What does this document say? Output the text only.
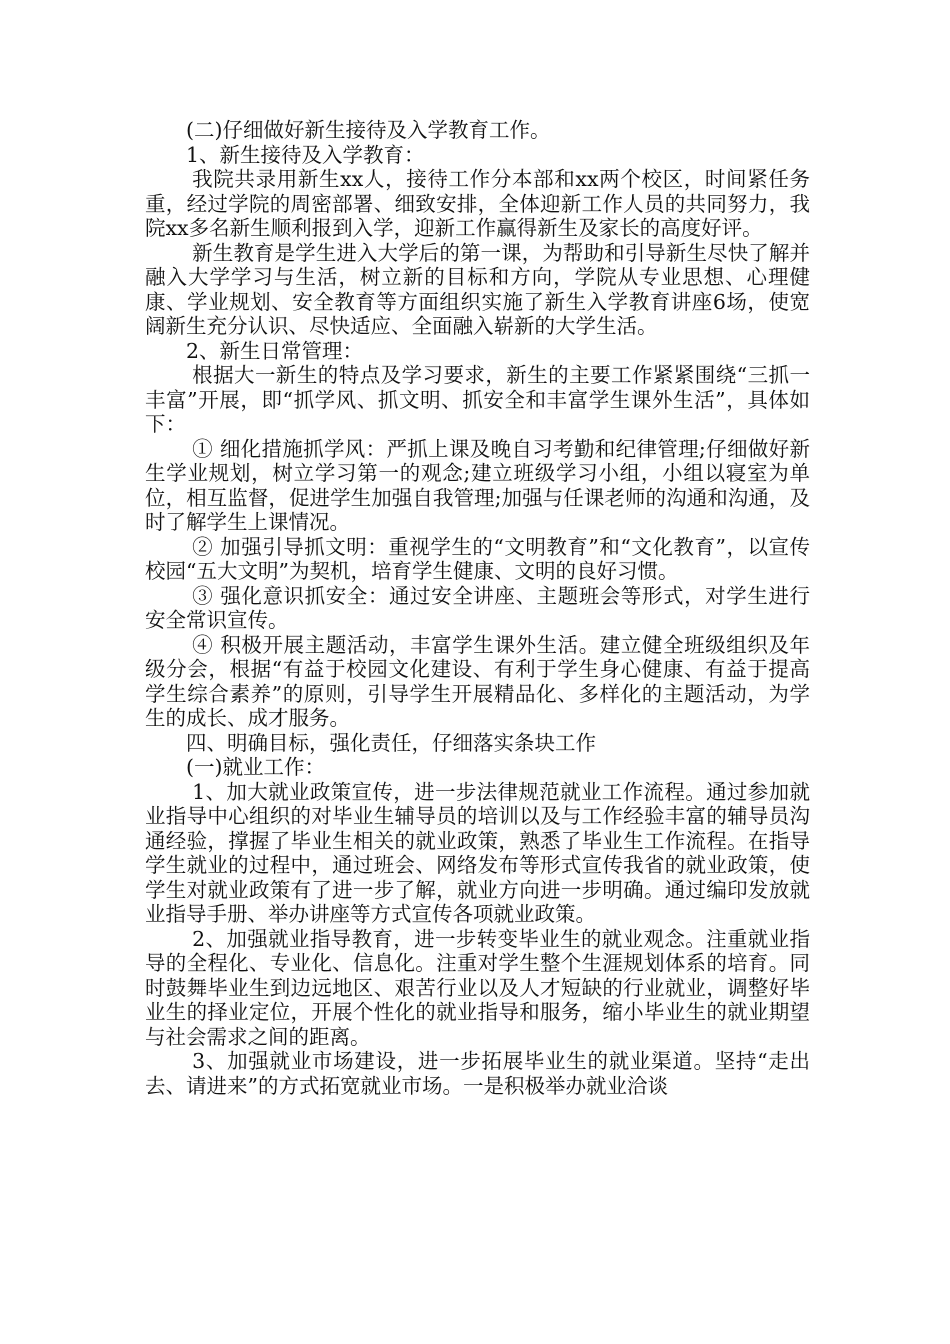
(二)仔细做好新生接待及入学教育工作。

1、新生接待及入学教育：

我院共录用新生xx人，接待工作分本部和xx两个校区，时间紧任务重，经过学院的周密部署、细致安排，全体迎新工作人员的共同努力，我院xx多名新生顺利报到入学，迎新工作赢得新生及家长的高度好评。

新生教育是学生进入大学后的第一课，为帮助和引导新生尽快了解并融入大学学习与生活，树立新的目标和方向，学院从专业思想、心理健康、学业规划、安全教育等方面组织实施了新生入学教育讲座6场，使宽阔新生充分认识、尽快适应、全面融入崭新的大学生活。

2、新生日常管理：

根据大一新生的特点及学习要求，新生的主要工作紧紧围绕“三抓一丰富”开展，即“抓学风、抓文明、抓安全和丰富学生课外生活”，具体如下：

① 细化措施抓学风：严抓上课及晚自习考勤和纪律管理;仔细做好新生学业规划，树立学习第一的观念;建立班级学习小组，小组以寝室为单位，相互监督，促进学生加强自我管理;加强与任课老师的沟通和沟通，及时了解学生上课情况。

② 加强引导抓文明：重视学生的“文明教育”和“文化教育”，以宣传校园“五大文明”为契机，培育学生健康、文明的良好习惯。

③ 强化意识抓安全：通过安全讲座、主题班会等形式，对学生进行安全常识宣传。

④ 积极开展主题活动，丰富学生课外生活。建立健全班级组织及年级分会，根据“有益于校园文化建设、有利于学生身心健康、有益于提高学生综合素养”的原则，引导学生开展精品化、多样化的主题活动，为学生的成长、成才服务。

四、明确目标，强化责任，仔细落实条块工作

(一)就业工作：

1、加大就业政策宣传，进一步法律规范就业工作流程。通过参加就业指导中心组织的对毕业生辅导员的培训以及与工作经验丰富的辅导员沟通经验，撑握了毕业生相关的就业政策，熟悉了毕业生工作流程。在指导学生就业的过程中，通过班会、网络发布等形式宣传我省的就业政策，使学生对就业政策有了进一步了解，就业方向进一步明确。通过编印发放就业指导手册、举办讲座等方式宣传各项就业政策。

2、加强就业指导教育，进一步转变毕业生的就业观念。注重就业指导的全程化、专业化、信息化。注重对学生整个生涯规划体系的培育。同时鼓舞毕业生到边远地区、艰苦行业以及人才短缺的行业就业，调整好毕业生的择业定位，开展个性化的就业指导和服务，缩小毕业生的就业期望与社会需求之间的距离。

3、加强就业市场建设，进一步拓展毕业生的就业渠道。坚持“走出去、请进来”的方式拓宽就业市场。一是积极举办就业洽谈
